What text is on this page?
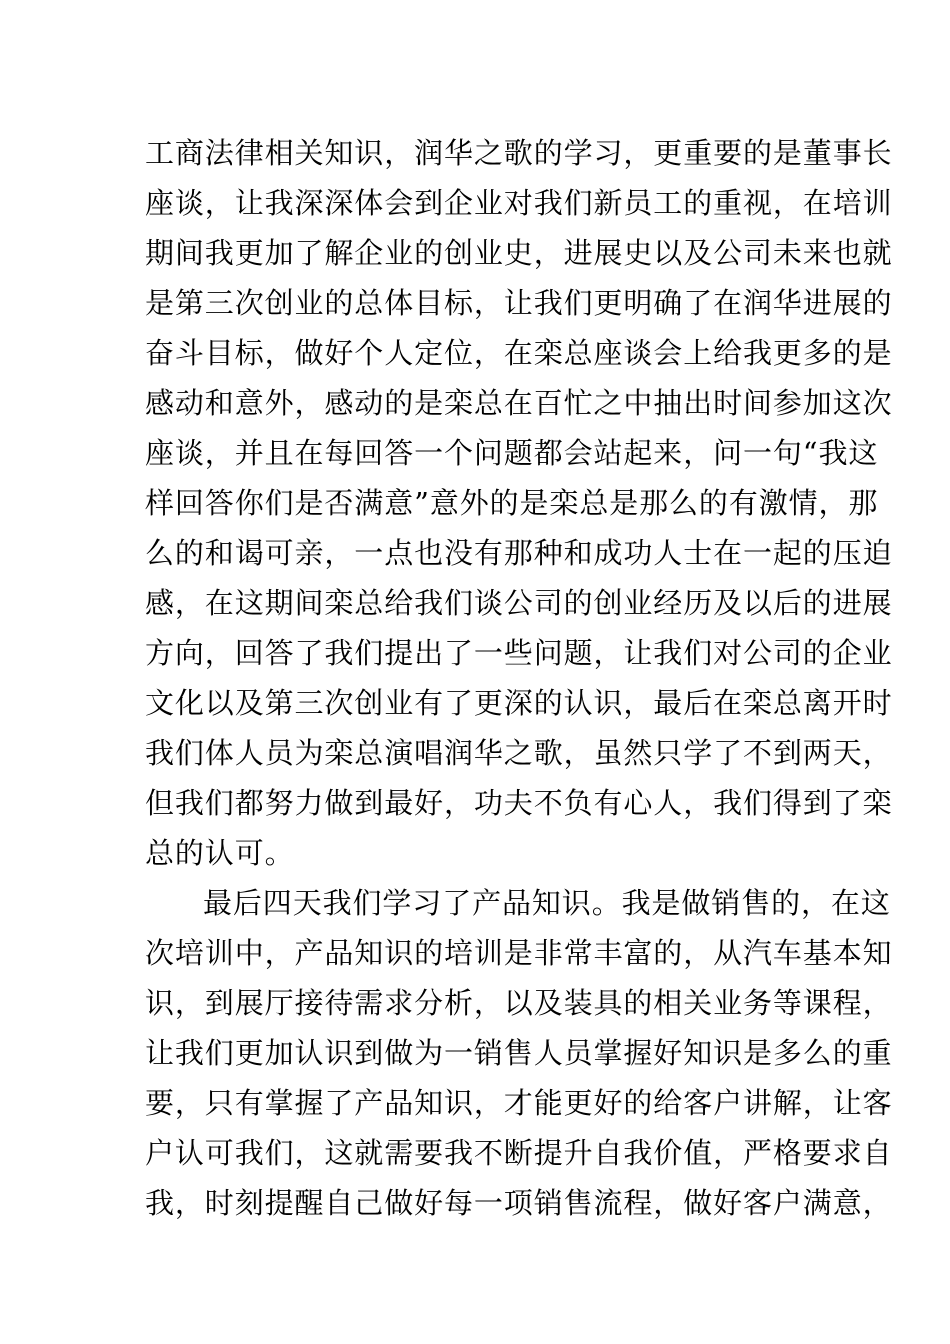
工商法律相关知识，润华之歌的学习，更重要的是董事长
座谈，让我深深体会到企业对我们新员工的重视，在培训
期间我更加了解企业的创业史，进展史以及公司未来也就
是第三次创业的总体目标，让我们更明确了在润华进展的
奋斗目标，做好个人定位，在栾总座谈会上给我更多的是
感动和意外，感动的是栾总在百忙之中抽出时间参加这次
座谈，并且在每回答一个问题都会站起来，问一句“我这
样回答你们是否满意”意外的是栾总是那么的有激情，那
么的和谒可亲，一点也没有那种和成功人士在一起的压迫
感，在这期间栾总给我们谈公司的创业经历及以后的进展
方向，回答了我们提出了一些问题，让我们对公司的企业
文化以及第三次创业有了更深的认识，最后在栾总离开时
我们体人员为栾总演唱润华之歌，虽然只学了不到两天，
但我们都努力做到最好，功夫不负有心人，我们得到了栾
总的认可。
最后四天我们学习了产品知识。我是做销售的，在这
次培训中，产品知识的培训是非常丰富的，从汽车基本知
识，到展厅接待需求分析，以及装具的相关业务等课程，
让我们更加认识到做为一销售人员掌握好知识是多么的重
要，只有掌握了产品知识，才能更好的给客户讲解，让客
户认可我们，这就需要我不断提升自我价值，严格要求自
我，时刻提醒自己做好每一项销售流程，做好客户满意，
